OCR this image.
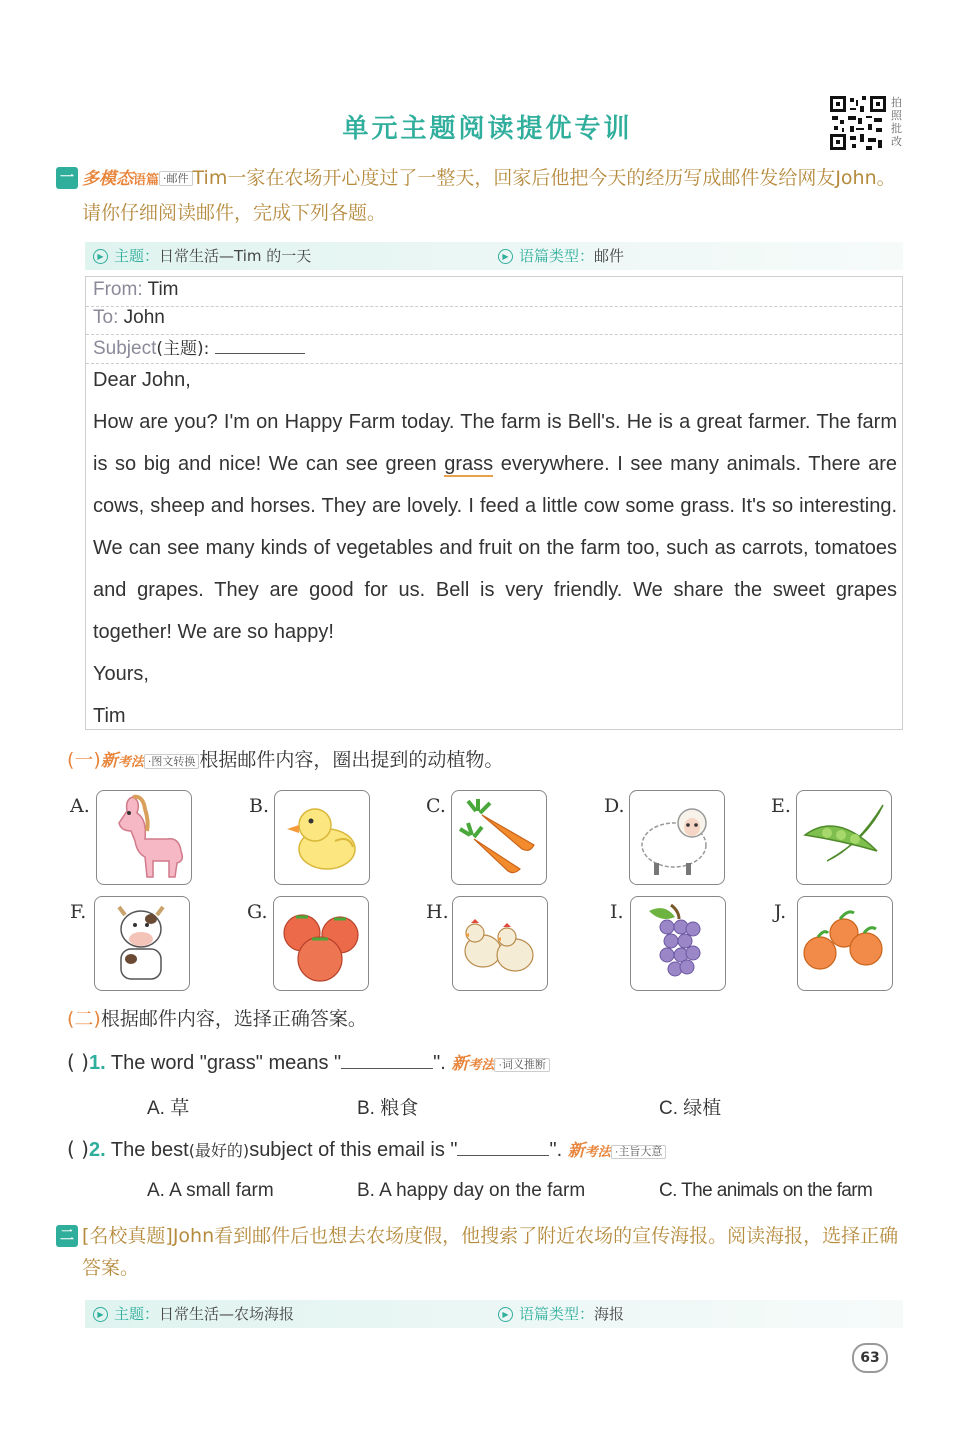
单元主题阅读提优专训
拍照批改
一 多模态语篇 ·邮件 Tim一家在农场开心度过了一整天，回家后他把今天的经历写成邮件发给网友John。请你仔细阅读邮件，完成下列各题。
▶ 主题：日常生活—Tim 的一天	▶ 语篇类型：邮件
From: Tim
To: John
Subject(主题):

Dear John,

How are you? I'm on Happy Farm today. The farm is Bell's. He is a great farmer. The farm is so big and nice! We can see green grass everywhere. I see many animals. There are cows, sheep and horses. They are lovely. I feed a little cow some grass. It's so interesting. We can see many kinds of vegetables and fruit on the farm too, such as carrots, tomatoes and grapes. They are good for us. Bell is very friendly. We share the sweet grapes together! We are so happy!

Yours,

Tim

(一)新考法 ·图文转换 根据邮件内容，圈出提到的动植物。
A.	B.	C.	D.	E.
F.	G.	H.	I.	J.
(二)根据邮件内容，选择正确答案。
( )1. The word "grass" means "	". 新考法 ·词义推断
A. 草	B. 粮食	C. 绿植
( )2. The best(最好的)subject of this email is "	". 新考法 ·主旨大意
A. A small farm	B. A happy day on the farm	C. The animals on the farm
二 [名校真题]John看到邮件后也想去农场度假，他搜索了附近农场的宣传海报。阅读海报，选择正确答案。
▶ 主题：日常生活—农场海报	▶ 语篇类型：海报
63
